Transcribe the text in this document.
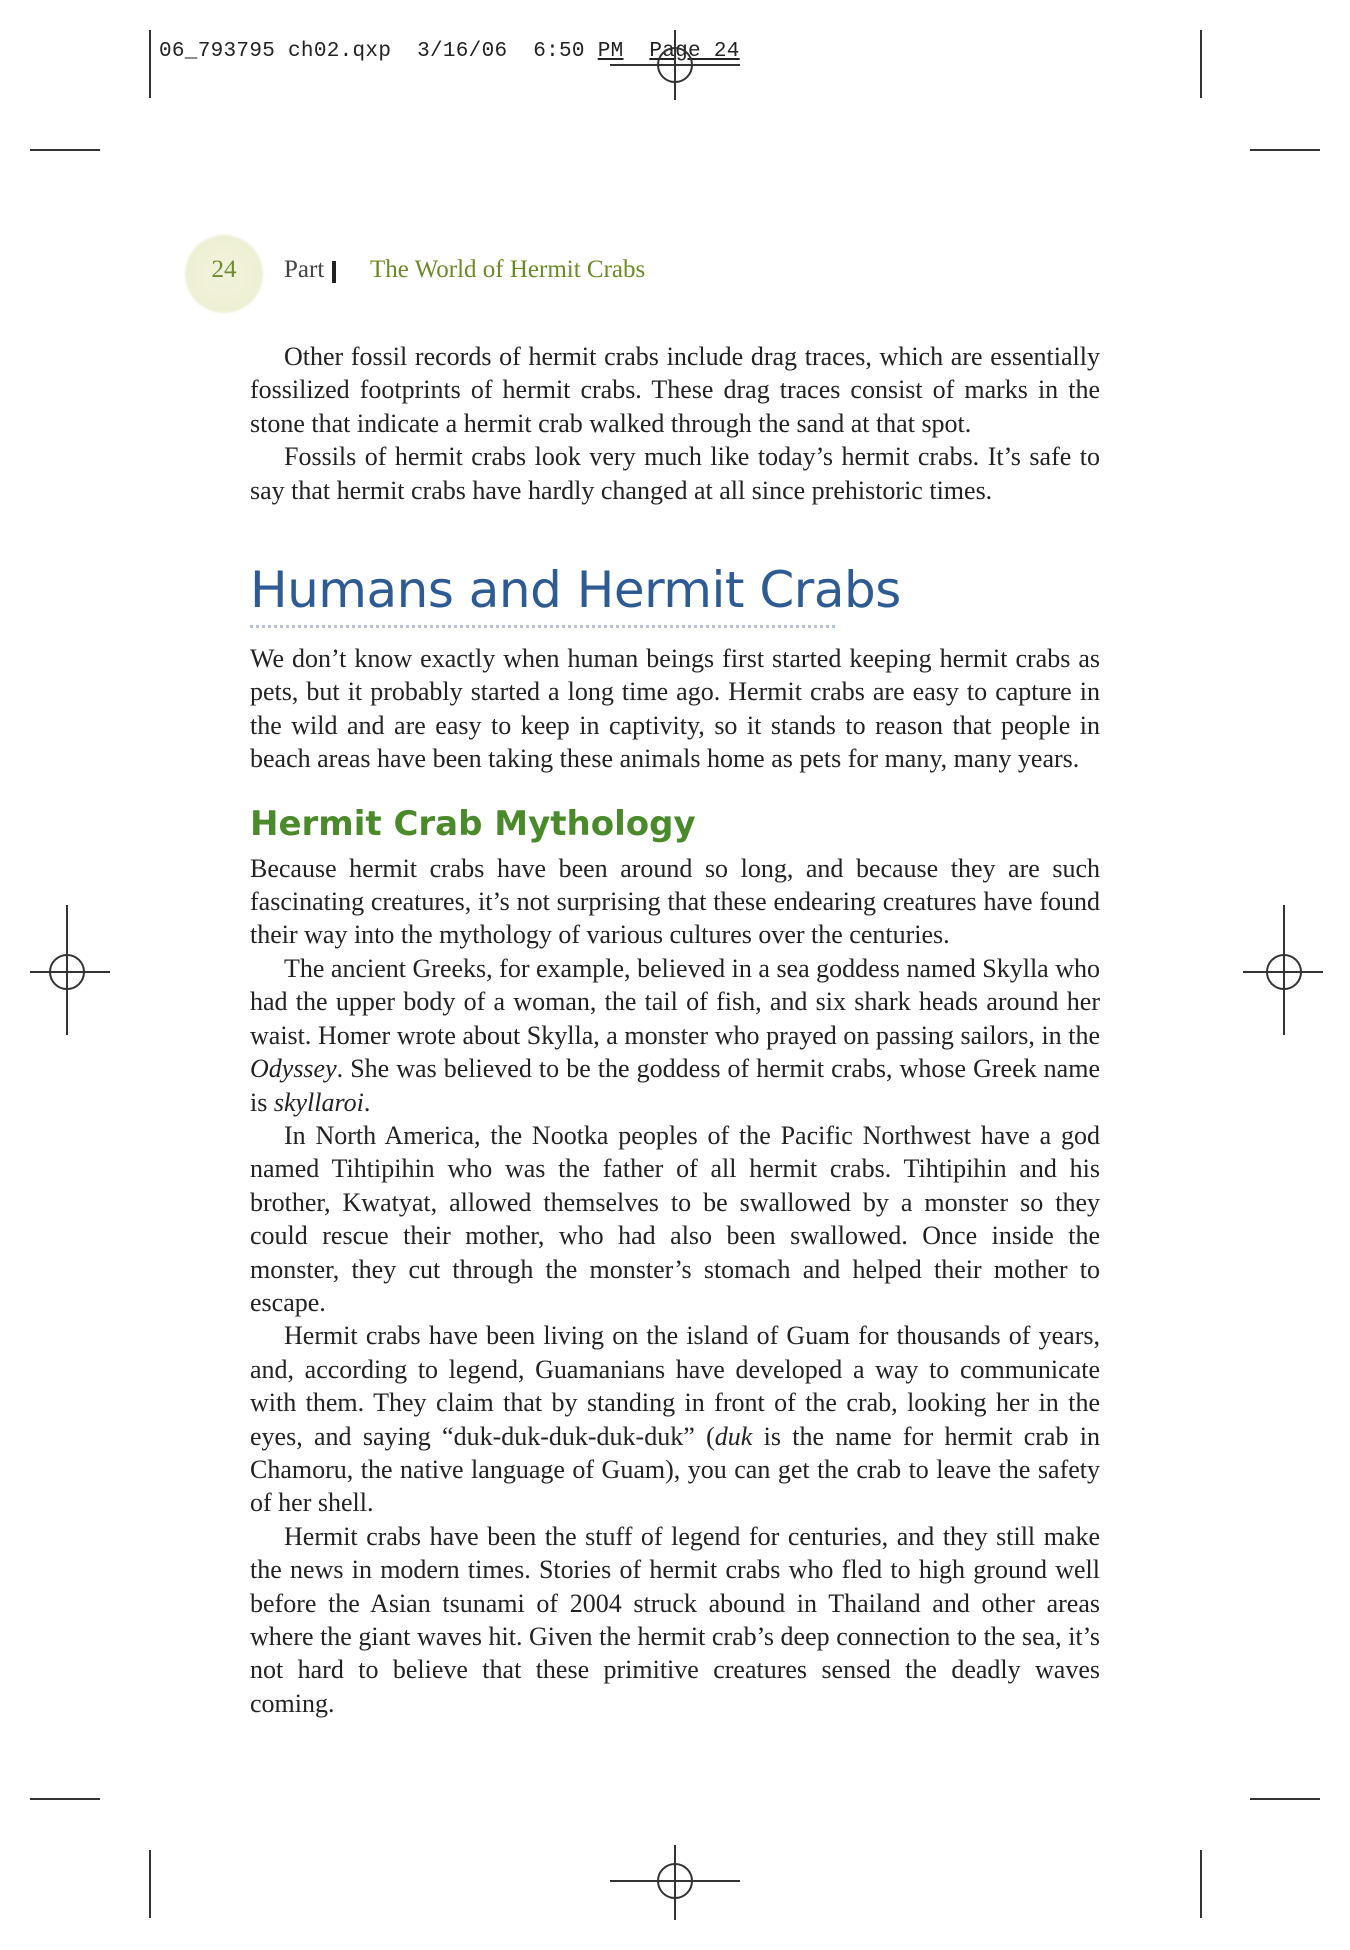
06_793795 ch02.qxp 3/16/06 6:50 PM Page 24
24	Part The World of Hermit Crabs

Other fossil records of hermit crabs include drag traces, which are essentially fossilized footprints of hermit crabs. These drag traces consist of marks in the stone that indicate a hermit crab walked through the sand at that spot.

Fossils of hermit crabs look very much like today’s hermit crabs. It’s safe to say that hermit crabs have hardly changed at all since prehistoric times.

Humans and Hermit Crabs

We don’t know exactly when human beings first started keeping hermit crabs as pets, but it probably started a long time ago. Hermit crabs are easy to capture in the wild and are easy to keep in captivity, so it stands to reason that people in beach areas have been taking these animals home as pets for many, many years.

Hermit Crab Mythology

Because hermit crabs have been around so long, and because they are such fascinating creatures, it’s not surprising that these endearing creatures have found their way into the mythology of various cultures over the centuries.

The ancient Greeks, for example, believed in a sea goddess named Skylla who had the upper body of a woman, the tail of fish, and six shark heads around her waist. Homer wrote about Skylla, a monster who prayed on passing sailors, in the Odyssey. She was believed to be the goddess of hermit crabs, whose Greek name is skyllaroi.

In North America, the Nootka peoples of the Pacific Northwest have a god named Tihtipihin who was the father of all hermit crabs. Tihtipihin and his brother, Kwatyat, allowed themselves to be swallowed by a monster so they could rescue their mother, who had also been swallowed. Once inside the monster, they cut through the monster’s stomach and helped their mother to escape.

Hermit crabs have been living on the island of Guam for thousands of years, and, according to legend, Guamanians have developed a way to communicate with them. They claim that by standing in front of the crab, looking her in the eyes, and saying “duk-duk-duk-duk-duk” (duk is the name for hermit crab in Chamoru, the native language of Guam), you can get the crab to leave the safety of her shell.

Hermit crabs have been the stuff of legend for centuries, and they still make the news in modern times. Stories of hermit crabs who fled to high ground well before the Asian tsunami of 2004 struck abound in Thailand and other areas where the giant waves hit. Given the hermit crab’s deep connection to the sea, it’s not hard to believe that these primitive creatures sensed the deadly waves coming.
